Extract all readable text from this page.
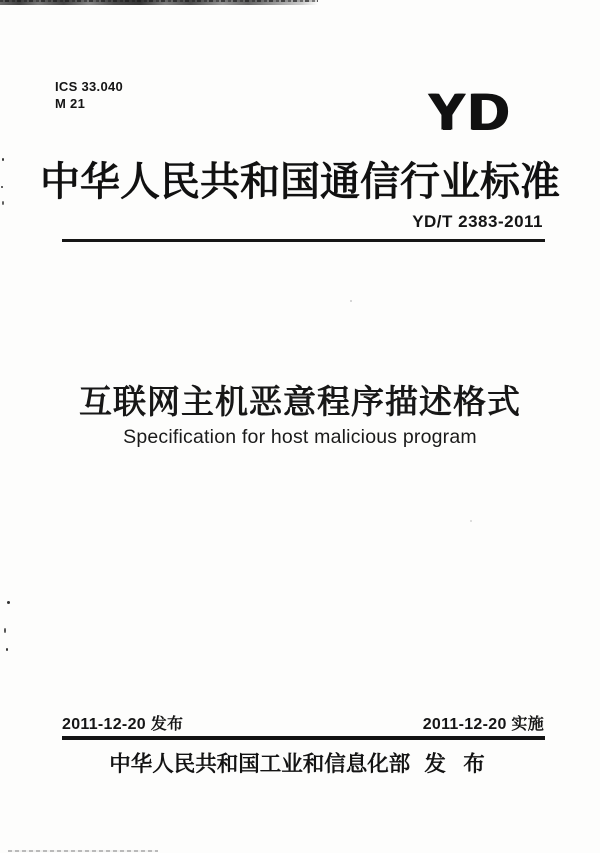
ICS 33.040
M 21	YD
中华人民共和国通信行业标准
YD/T 2383-2011
互联网主机恶意程序描述格式
Specification for host malicious program
2011-12-20 发布	2011-12-20 实施
中华人民共和国工业和信息化部 发 布
